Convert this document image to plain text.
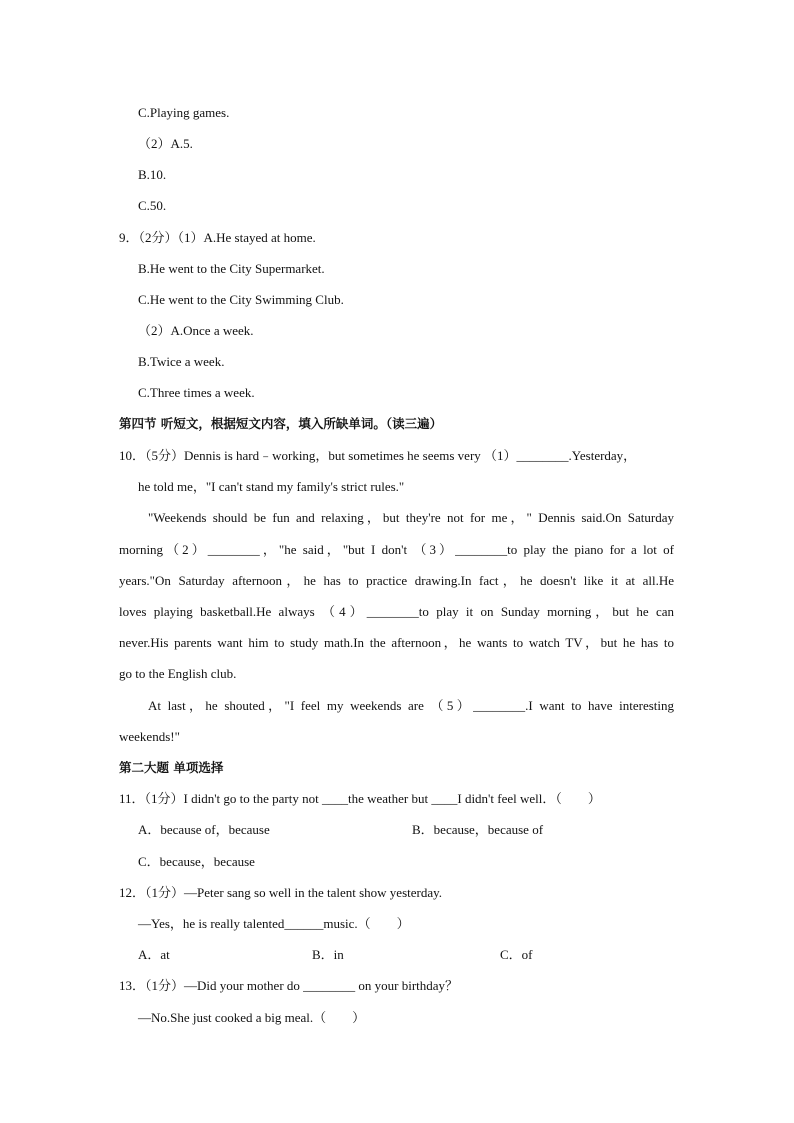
C.Playing games.
（2）A.5.
B.10.
C.50.
9．（2分）（1）A.He stayed at home.
B.He went to the City Supermarket.
C.He went to the City Swimming Club.
（2）A.Once a week.
B.Twice a week.
C.Three times a week.
第四节 听短文，根据短文内容，填入所缺单词。（读三遍）
10．（5分）Dennis is hard﹣working，but sometimes he seems very （1）________.Yesterday，
he told me，"I can't stand my family's strict rules."
"Weekends should be fun and relaxing，but they're not for me，" Dennis said.On Saturday
morning（2）________，"he said，"but I don't （3）________to play the piano for a lot of
years."On Saturday afternoon，he has to practice drawing.In fact，he doesn't like it at all.He
loves playing basketball.He always （4）________to play it on Sunday morning，but he can
never.His parents want him to study math.In the afternoon，he wants to watch TV，but he has to
go to the English club.
At last，he shouted，"I feel my weekends are （5）________.I want to have interesting
weekends!"
第二大题 单项选择
11．（1分）I didn't go to the party not ____the weather but ____I didn't feel well．（　　）
A．because of，because	B．because，because of
C．because，because
12．（1分）—Peter sang so well in the talent show yesterday.
—Yes，he is really talented______music.（　　）
A．at	B．in	C．of
13．（1分）—Did your mother do ________ on your birthday？
—No.She just cooked a big meal.（　　）
